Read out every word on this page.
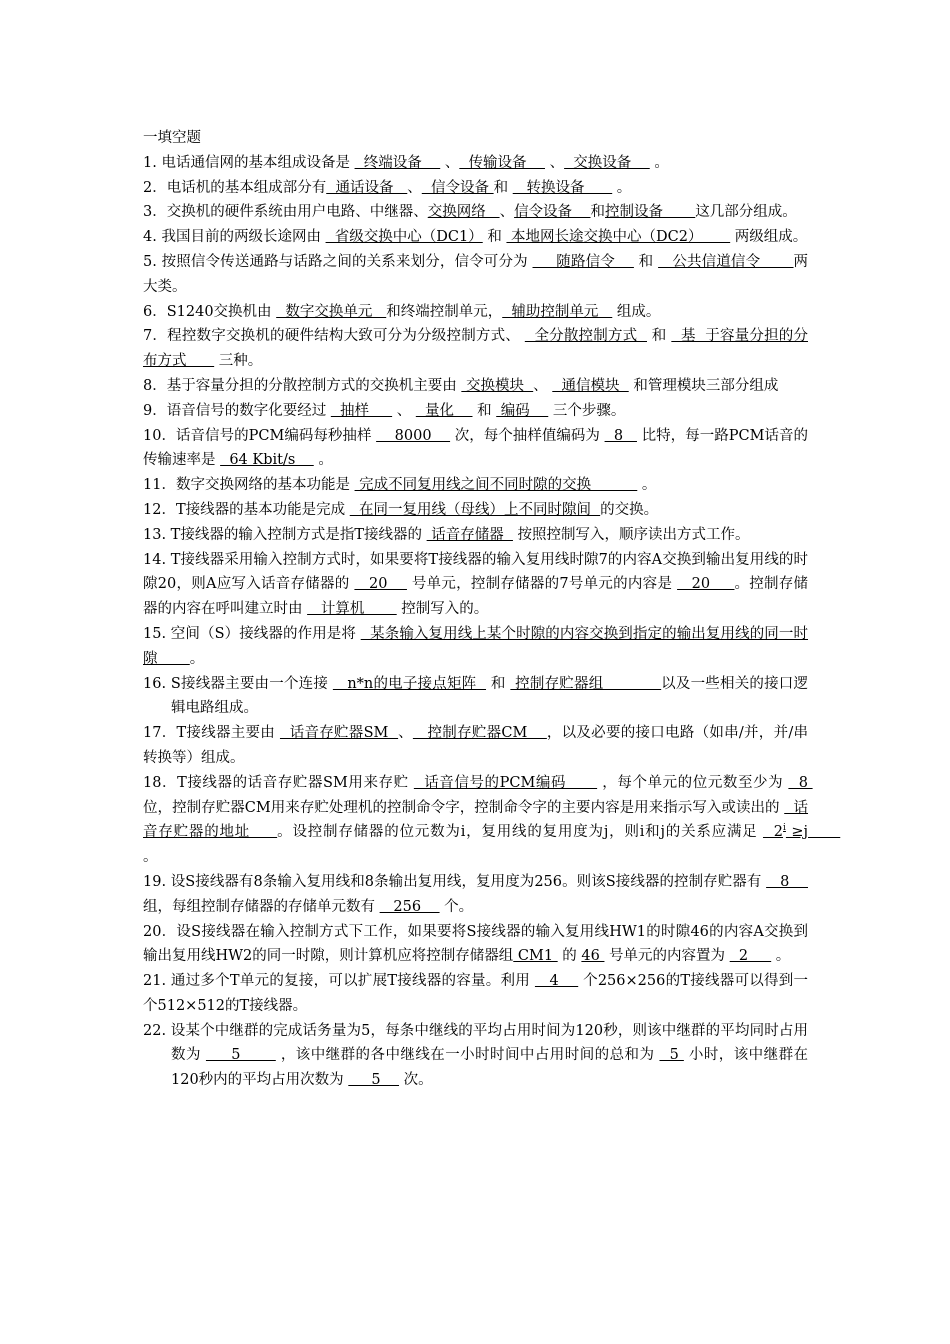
一填空题

1. 电话通信网的基本组成设备是   终端设备     、  传输设备     、  交换设备     。

2．电话机的基本组成部分有  通话设备   、  信令设备 和    转换设备       。

3．交换机的硬件系统由用户电路、中继器、交换网络   、信令设备    和控制设备       这几部分组成。

4. 我国目前的两级长途网由   省级交换中心（DC1） 和  本地网长途交换中心（DC2）       两级组成。

5. 按照信令传送通路与话路之间的关系来划分，信令可分为      随路信令     和    公共信道信令       两大类。

6．S1240交换机由   数字交换单元   和终端控制单元，  辅助控制单元    组成。

7．程控数字交换机的硬件结构大致可分为分级控制方式、   全分散控制方式   和   基  于容量分担的分布方式       三种。

8．基于容量分担的分散控制方式的交换机主要由  交换模块  、   通信模块   和管理模块三部分组成

9．语音信号的数字化要经过   抽样      、   量化     和  编码     三个步骤。

10．话音信号的PCM编码每秒抽样     8000     次，每个抽样值编码为   8    比特，每一路PCM话音的传输速率是   64 Kbit/s     。

11．数字交换网络的基本功能是  完成不同复用线之间不同时隙的交换           。

12．T接线器的基本功能是完成   在同一复用线（母线）上不同时隙间  的交换。

13. T接线器的输入控制方式是指T接线器的  话音存储器   按照控制写入，顺序读出方式工作。

14. T接线器采用输入控制方式时，如果要将T接线器的输入复用线时隙7的内容A交换到输出复用线的时隙20，则A应写入话音存储器的    20     号单元，控制存储器的7号单元的内容是    20     。控制存储器的内容在呼叫建立时由    计算机        控制写入的。

15. 空间（S）接线器的作用是将   某条输入复用线上某个时隙的内容交换到指定的输出复用线的同一时隙       。

16. S接线器主要由一个连接    n*n的电子接点矩阵   和  控制存贮器组            以及一些相关的接口逻辑电路组成。

17．T接线器主要由   话音存贮器SM  、   控制存贮器CM    ，以及必要的接口电路（如串/并，并/串转换等）组成。

18．T接线器的话音存贮器SM用来存贮   话音信号的PCM编码       ，每个单元的位元数至少为   8 位，控制存贮器CM用来存贮处理机的控制命令字，控制命令字的主要内容是用来指示写入或读出的   话音存贮器的地址     。设控制存储器的位元数为i，复用线的复用度为j，则i和j的关系应满足   $2^i \ge j$       。

19. 设S接线器有8条输入复用线和8条输出复用线，复用度为256。则该S接线器的控制存贮器有    8     组，每组控制存储器的存储单元数有    256     个。

20．设S接线器在输入控制方式下工作，如果要将S接线器的输入复用线HW1的时隙46的内容A交换到输出复用线HW2的同一时隙，则计算机应将控制存储器组 CM1  的 46  号单元的内容置为   2      。

21. 通过多个T单元的复接，可以扩展T接线器的容量。利用    4     个256×256的T接线器可以得到一个512×512的T接线器。

22. 设某个中继群的完成话务量为5，每条中继线的平均占用时间为120秒，则该中继群的平均同时占用数为      5        ，该中继群的各中继线在一小时时间中占用时间的总和为   5  小时，该中继群在120秒内的平均占用次数为      5     次。
